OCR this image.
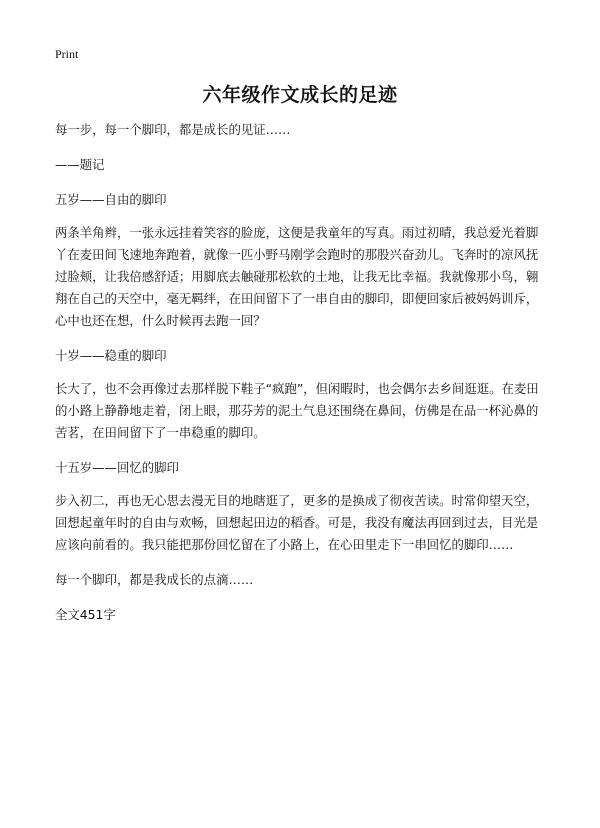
Print
六年级作文成长的足迹

每一步，每一个脚印，都是成长的见证……

——题记

五岁——自由的脚印

两条羊角辫，一张永远挂着笑容的脸庞，这便是我童年的写真。雨过初晴，我总爱光着脚丫在麦田间飞速地奔跑着，就像一匹小野马刚学会跑时的那股兴奋劲儿。飞奔时的凉风抚过脸颊，让我倍感舒适；用脚底去触碰那松软的土地，让我无比幸福。我就像那小鸟，翱翔在自己的天空中，毫无羁绊，在田间留下了一串自由的脚印，即便回家后被妈妈训斥，心中也还在想，什么时候再去跑一回？

十岁——稳重的脚印

长大了，也不会再像过去那样脱下鞋子“疯跑”，但闲暇时，也会偶尔去乡间逛逛。在麦田的小路上静静地走着，闭上眼，那芬芳的泥土气息还围绕在鼻间，仿佛是在品一杯沁鼻的苦茗，在田间留下了一串稳重的脚印。

十五岁——回忆的脚印

步入初二，再也无心思去漫无目的地瞎逛了，更多的是换成了彻夜苦读。时常仰望天空，回想起童年时的自由与欢畅，回想起田边的稻香。可是，我没有魔法再回到过去，目光是应该向前看的。我只能把那份回忆留在了小路上，在心田里走下一串回忆的脚印……

每一个脚印，都是我成长的点滴……

全文451字
